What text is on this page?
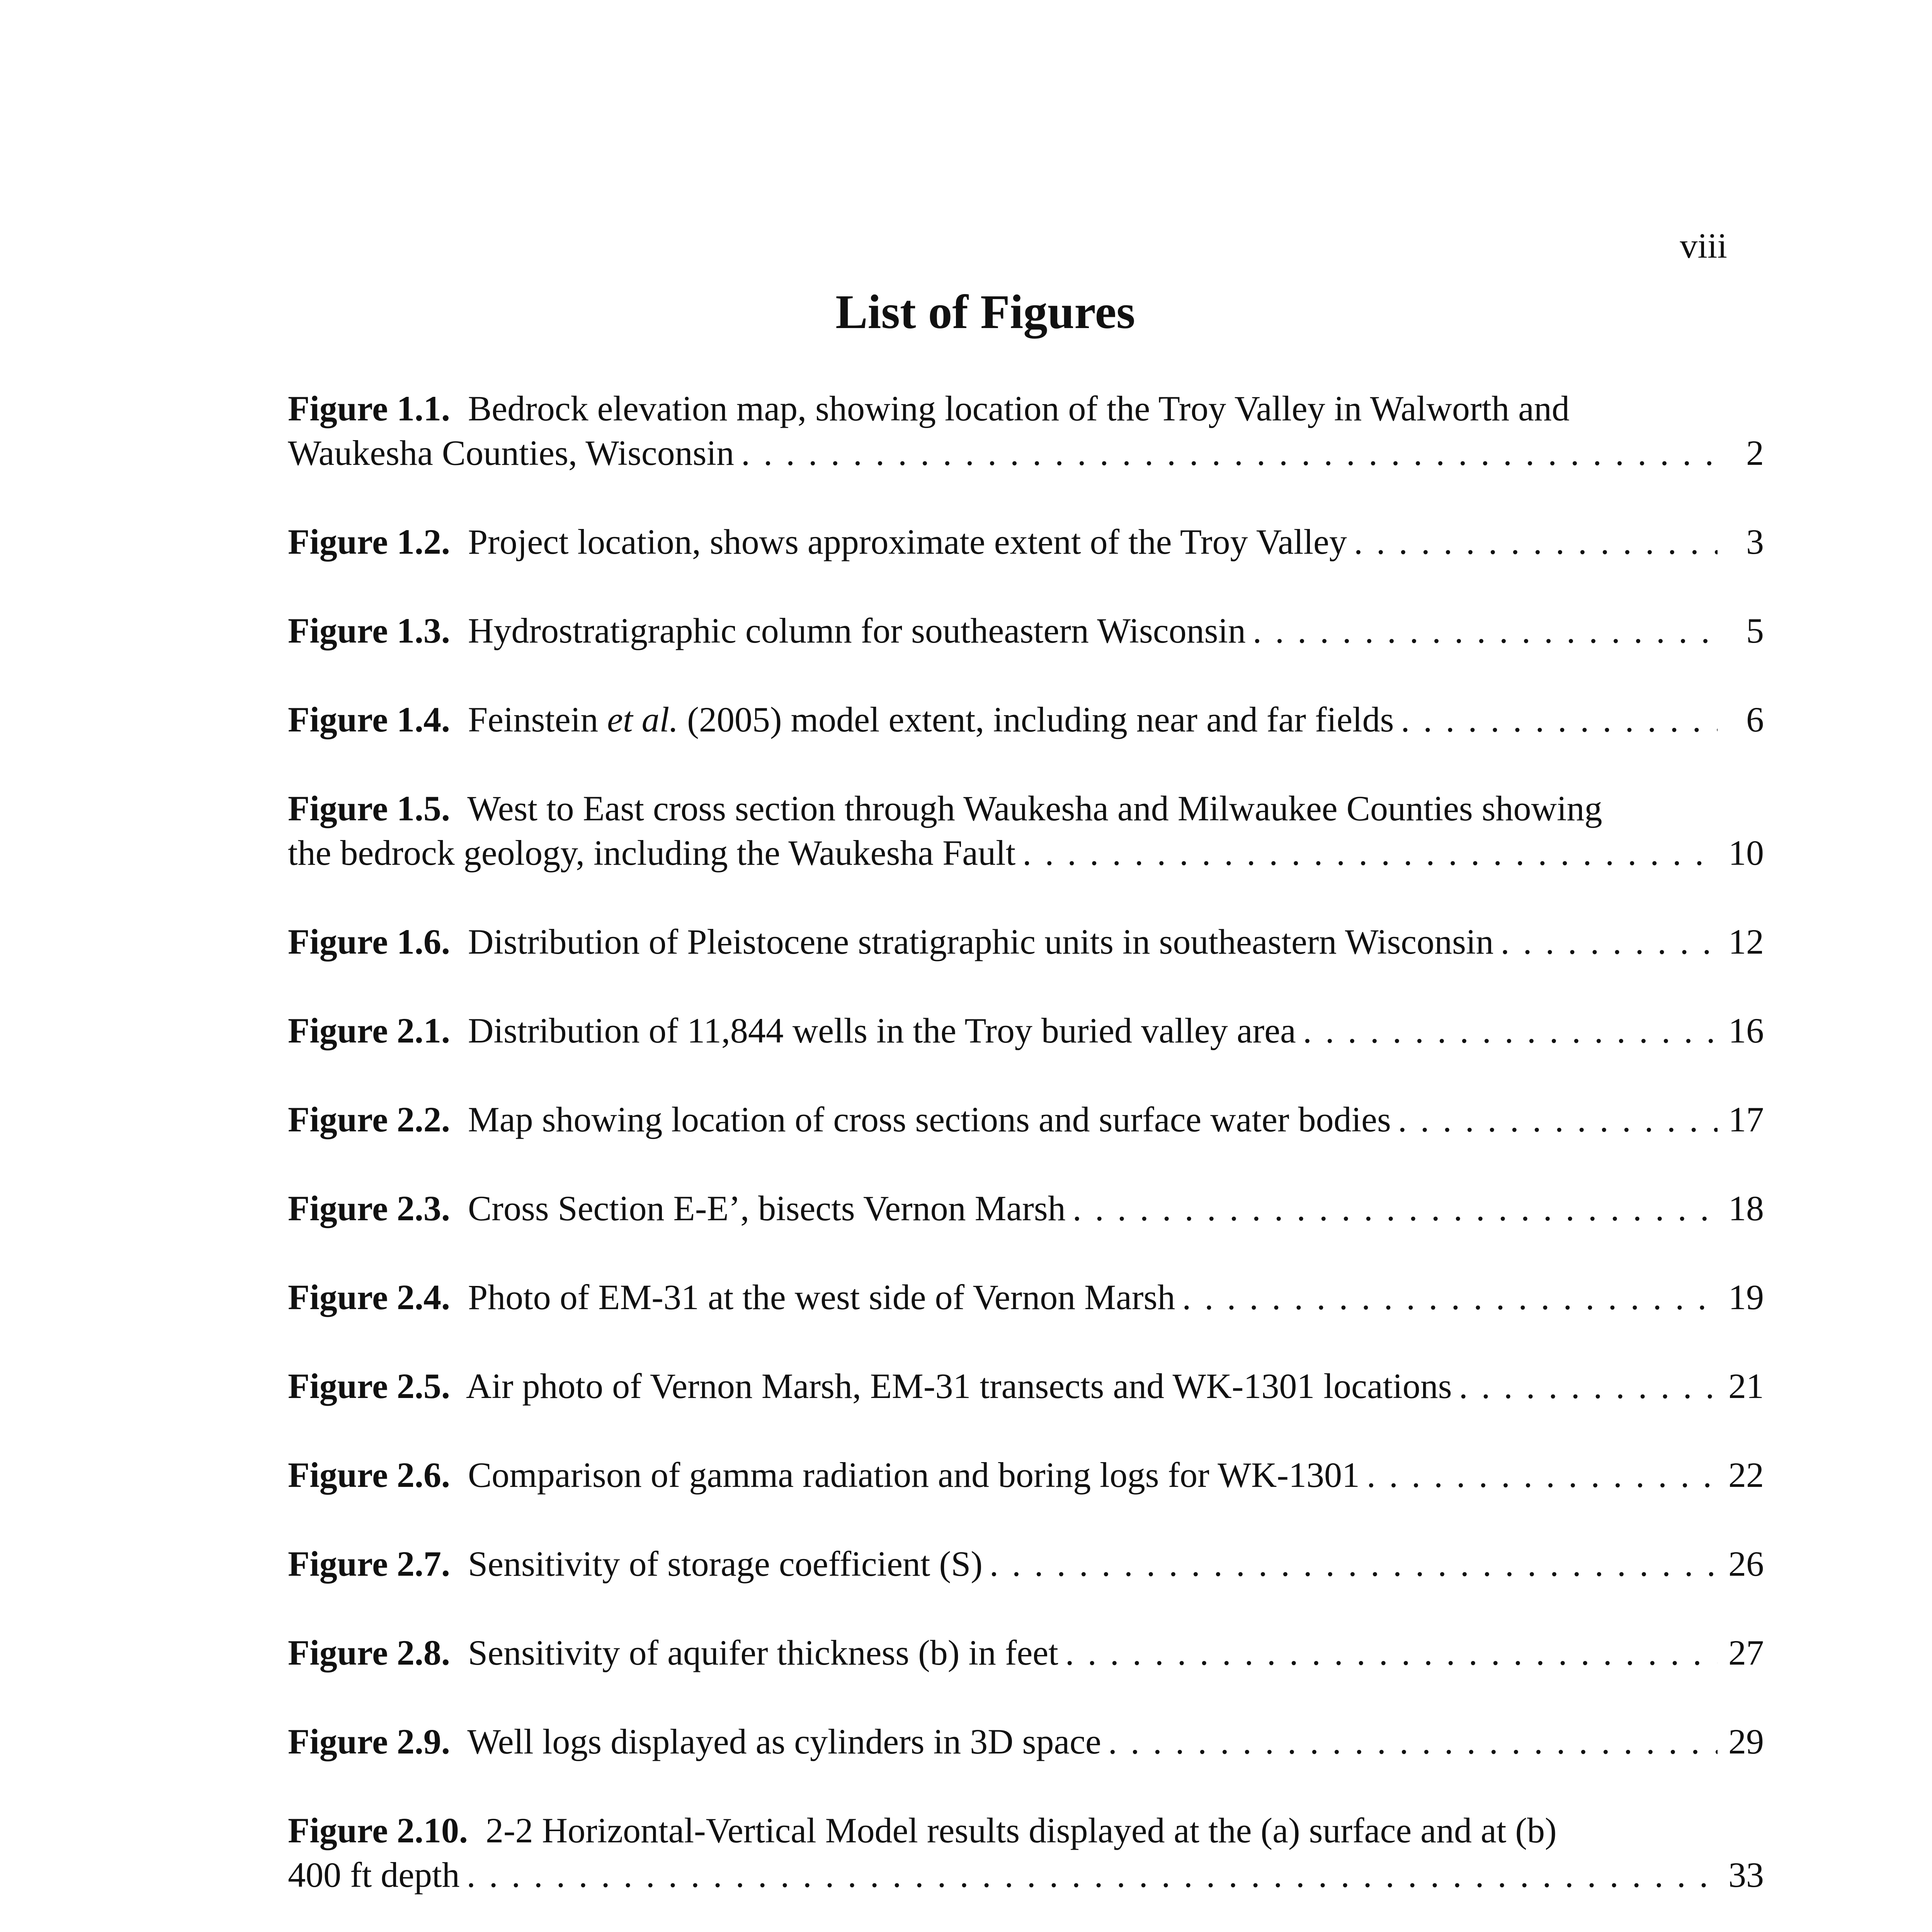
viii
List of Figures
Figure 1.1. Bedrock elevation map, showing location of the Troy Valley in Walworth and
Waukesha Counties, Wisconsin . . .	2
Figure 1.2. Project location, shows approximate extent of the Troy Valley . . .	3
Figure 1.3. Hydrostratigraphic column for southeastern Wisconsin . . .	5
Figure 1.4. Feinstein et al. (2005) model extent, including near and far fields . . .	6
Figure 1.5. West to East cross section through Waukesha and Milwaukee Counties showing
the bedrock geology, including the Waukesha Fault . . .	10
Figure 1.6. Distribution of Pleistocene stratigraphic units in southeastern Wisconsin . . .	12
Figure 2.1. Distribution of 11,844 wells in the Troy buried valley area . . .	16
Figure 2.2. Map showing location of cross sections and surface water bodies . . .	17
Figure 2.3. Cross Section E-E’, bisects Vernon Marsh . . .	18
Figure 2.4. Photo of EM-31 at the west side of Vernon Marsh . . .	19
Figure 2.5. Air photo of Vernon Marsh, EM-31 transects and WK-1301 locations . . .	21
Figure 2.6. Comparison of gamma radiation and boring logs for WK-1301 . . .	22
Figure 2.7. Sensitivity of storage coefficient (S) . . .	26
Figure 2.8. Sensitivity of aquifer thickness (b) in feet . . .	27
Figure 2.9. Well logs displayed as cylinders in 3D space . . .	29
Figure 2.10. 2-2 Horizontal-Vertical Model results displayed at the (a) surface and at (b)
400 ft depth . . .	33
